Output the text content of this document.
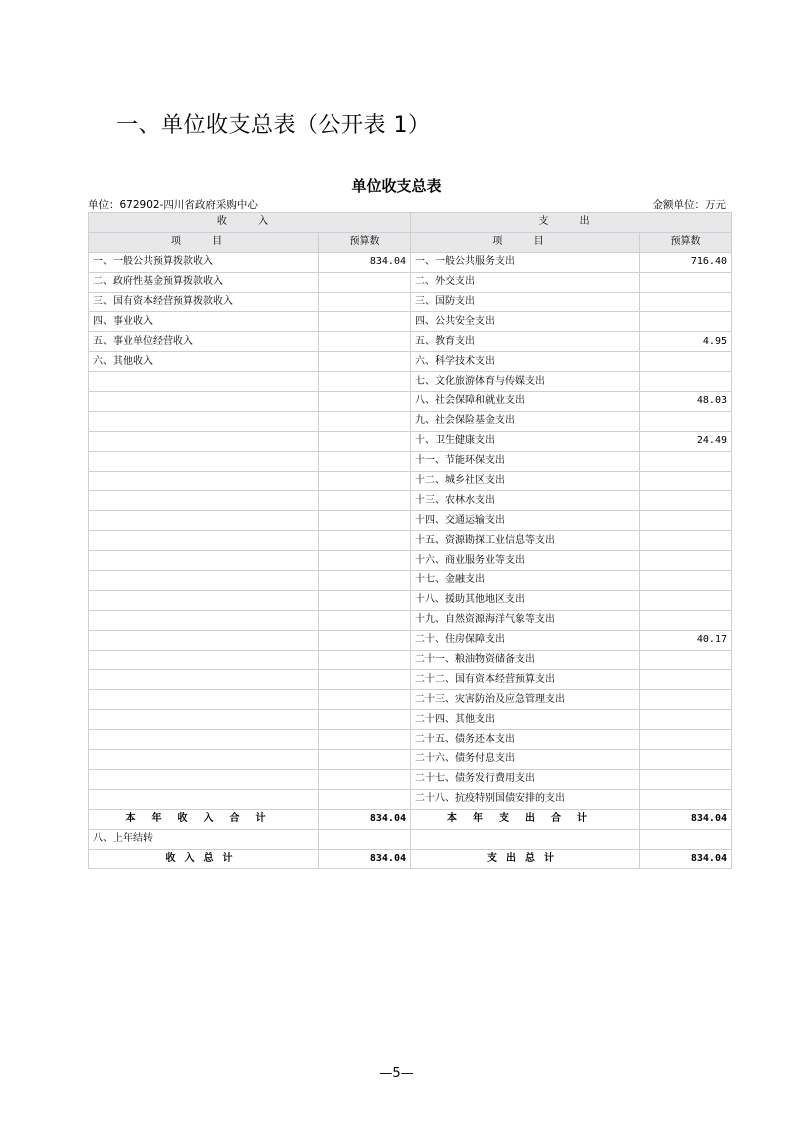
一、单位收支总表（公开表 1）
单位收支总表
单位：672902-四川省政府采购中心	金额单位：万元
收 入		支 出	
项 目	预算数	项 目	预算数
一、一般公共预算拨款收入	834.04	一、一般公共服务支出	716.40
二、政府性基金预算拨款收入		二、外交支出	
三、国有资本经营预算拨款收入		三、国防支出	
四、事业收入		四、公共安全支出	
五、事业单位经营收入		五、教育支出	4.95
六、其他收入		六、科学技术支出	
		七、文化旅游体育与传媒支出	
		八、社会保障和就业支出	48.03
		九、社会保险基金支出	
		十、卫生健康支出	24.49
		十一、节能环保支出	
		十二、城乡社区支出	
		十三、农林水支出	
		十四、交通运输支出	
		十五、资源勘探工业信息等支出	
		十六、商业服务业等支出	
		十七、金融支出	
		十八、援助其他地区支出	
		十九、自然资源海洋气象等支出	
		二十、住房保障支出	40.17
		二十一、粮油物资储备支出	
		二十二、国有资本经营预算支出	
		二十三、灾害防治及应急管理支出	
		二十四、其他支出	
		二十五、债务还本支出	
		二十六、债务付息支出	
		二十七、债务发行费用支出	
		二十八、抗疫特别国债安排的支出	
本年收入合计	834.04	本年支出合计	834.04
八、上年结转			
收入总计	834.04	支出总计	834.04
—5—
